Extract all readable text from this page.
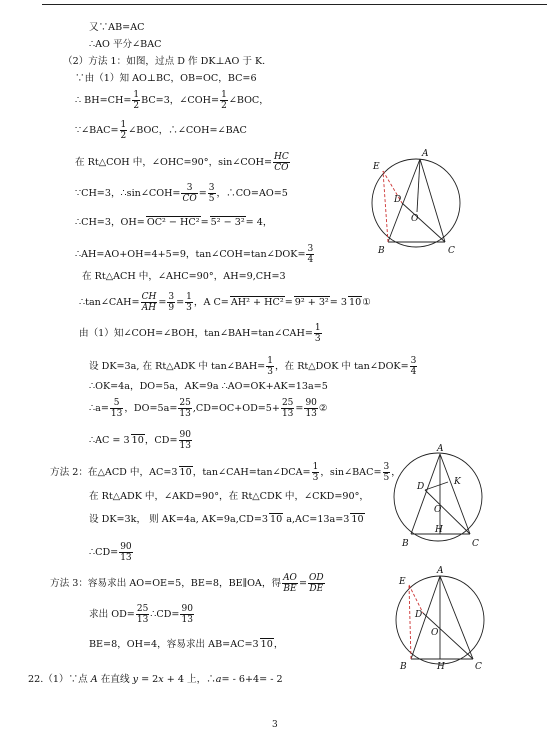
又∵AB=AC
∴AO 平分∠BAC
（2）方法 1：如图，过点 D 作 DK⊥AO 于 K.
∵由（1）知 AO⊥BC，OB=OC，BC=6
∴ $BH=CH= \frac{1}{2} BC=3$，∠COH= $\frac{1}{2}$ ∠BOC，
∵∠BAC= $\frac{1}{2}$ ∠BOC，∴∠COH=∠BAC
在 Rt△COH 中，∠OHC=90°，sin∠COH= $\frac{HC}{CO}$
∵CH=3，∴sin∠COH= $\frac{3}{CO} = \frac{3}{5}$ ，∴CO=AO=5
∴CH=3，OH= OC² − HC²= 5² − 3²= 4，
∴AH=AO+OH=4+5=9，tan∠COH=tan∠DOK= $\frac{3}{4}$
在 Rt△ACH 中，∠AHC=90°，AH=9,CH=3
∴tan∠CAH= $\frac{CH}{AH} = \frac{3}{9} = \frac{1}{3}$ ，A C= AH² + HC²= 9² + 3²= 3 10①
由（1）知∠COH=∠BOH，tan∠BAH=tan∠CAH= $\frac{1}{3}$
设 DK=3a, 在 Rt△ADK 中 tan∠BAH= $\frac{1}{3}$ ，在 Rt△DOK 中 tan∠DOK= $\frac{3}{4}$
∴OK=4a，DO=5a，AK=9a ∴AO=OK+AK=13a=5
∴a= $\frac{5}{13}$ ，$DO=5a= \frac{25}{13} ,CD=OC+OD=5+ \frac{25}{13} = \frac{90}{13}$ ②
∴AC = 3 10，$CD= \frac{90}{13}$
方法 2：在△ACD 中，AC=3 10，tan∠CAH=tan∠DCA= $\frac{1}{3}$ ，sin∠BAC= $\frac{3}{5}$ ，
在 Rt△ADK 中，∠AKD=90°，在 Rt△CDK 中，∠CKD=90°，
设 DK=3k， 则 AK=4a, AK=9a,CD=3 10 a,AC=13a=3 10
∴CD= $\frac{90}{13}$
方法 3：容易求出 AO=OE=5，BE=8，BE∥OA，得 $\frac{AO}{BE} = \frac{OD}{DE}$
求出 $OD= \frac{25}{13}$ ∴CD= $\frac{90}{13}$
BE=8，OH=4，容易求出 AB=AC=3 10，
22.（1）∵点 A 在直线 y = 2x + 4 上，∴a= - 6+4= - 2
A
E
D
O
B	C
A
D	K
O
H
B	C
A
E
D
O
H
B	C
3
